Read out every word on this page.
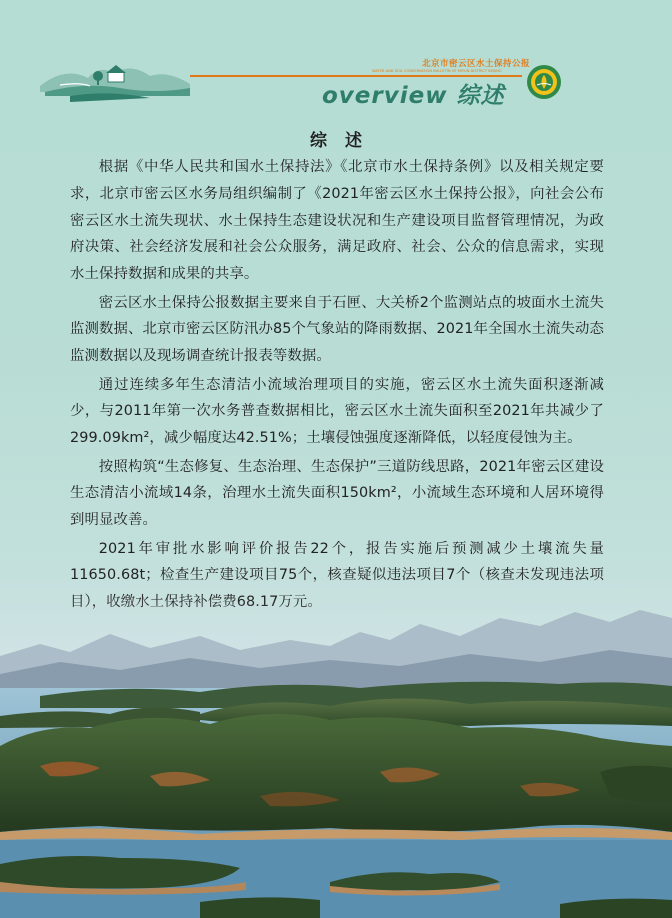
北京市密云区水土保持公报
WATER AND SOIL CONSERVATION BULLETIN OF MIYUN DISTRICT BEIJING
overview 综述
综述

根据《中华人民共和国水土保持法》《北京市水土保持条例》以及相关规定要求，北京市密云区水务局组织编制了《2021年密云区水土保持公报》，向社会公布密云区水土流失现状、水土保持生态建设状况和生产建设项目监督管理情况，为政府决策、社会经济发展和社会公众服务，满足政府、社会、公众的信息需求，实现水土保持数据和成果的共享。

密云区水土保持公报数据主要来自于石匣、大关桥2个监测站点的坡面水土流失监测数据、北京市密云区防汛办85个气象站的降雨数据、2021年全国水土流失动态监测数据以及现场调查统计报表等数据。

通过连续多年生态清洁小流域治理项目的实施，密云区水土流失面积逐渐减少，与2011年第一次水务普查数据相比，密云区水土流失面积至2021年共减少了299.09km²，减少幅度达42.51%；土壤侵蚀强度逐渐降低，以轻度侵蚀为主。

按照构筑“生态修复、生态治理、生态保护”三道防线思路，2021年密云区建设生态清洁小流域14条，治理水土流失面积150km²，小流域生态环境和人居环境得到明显改善。

2021年审批水影响评价报告22个，报告实施后预测减少土壤流失量11650.68t；检查生产建设项目75个，核查疑似违法项目7个（核查未发现违法项
